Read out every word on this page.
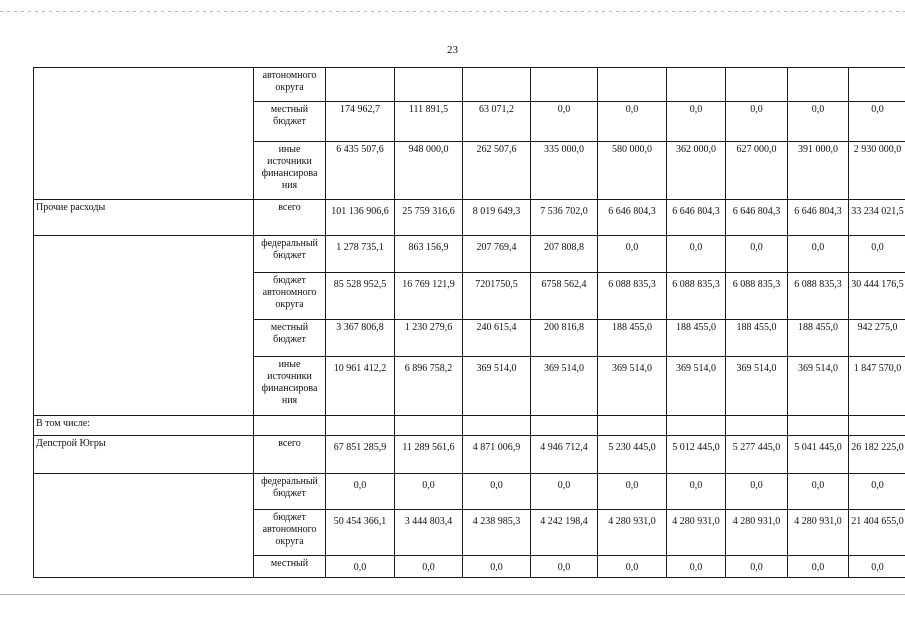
23
	автономного округа									
	местный бюджет	174 962,7	111 891,5	63 071,2	0,0	0,0	0,0	0,0	0,0	0,0
	иные источники финансирова ния	6 435 507,6	948 000,0	262 507,6	335 000,0	580 000,0	362 000,0	627 000,0	391 000,0	2 930 000,0
Прочие расходы	всего	101 136 906,6	25 759 316,6	8 019 649,3	7 536 702,0	6 646 804,3	6 646 804,3	6 646 804,3	6 646 804,3	33 234 021,5
	федеральный бюджет	1 278 735,1	863 156,9	207 769,4	207 808,8	0,0	0,0	0,0	0,0	0,0
	бюджет автономного округа	85 528 952,5	16 769 121,9	7201750,5	6758 562,4	6 088 835,3	6 088 835,3	6 088 835,3	6 088 835,3	30 444 176,5
	местный бюджет	3 367 806,8	1 230 279,6	240 615,4	200 816,8	188 455,0	188 455,0	188 455,0	188 455,0	942 275,0
	иные источники финансирова ния	10 961 412,2	6 896 758,2	369 514,0	369 514,0	369 514,0	369 514,0	369 514,0	369 514,0	1 847 570,0
В том числе:										
Депстрой Югры	всего	67 851 285,9	11 289 561,6	4 871 006,9	4 946 712,4	5 230 445,0	5 012 445,0	5 277 445,0	5 041 445,0	26 182 225,0
	федеральный бюджет	0,0	0,0	0,0	0,0	0,0	0,0	0,0	0,0	0,0
	бюджет автономного округа	50 454 366,1	3 444 803,4	4 238 985,3	4 242 198,4	4 280 931,0	4 280 931,0	4 280 931,0	4 280 931,0	21 404 655,0
	местный	0,0	0,0	0,0	0,0	0,0	0,0	0,0	0,0	0,0
